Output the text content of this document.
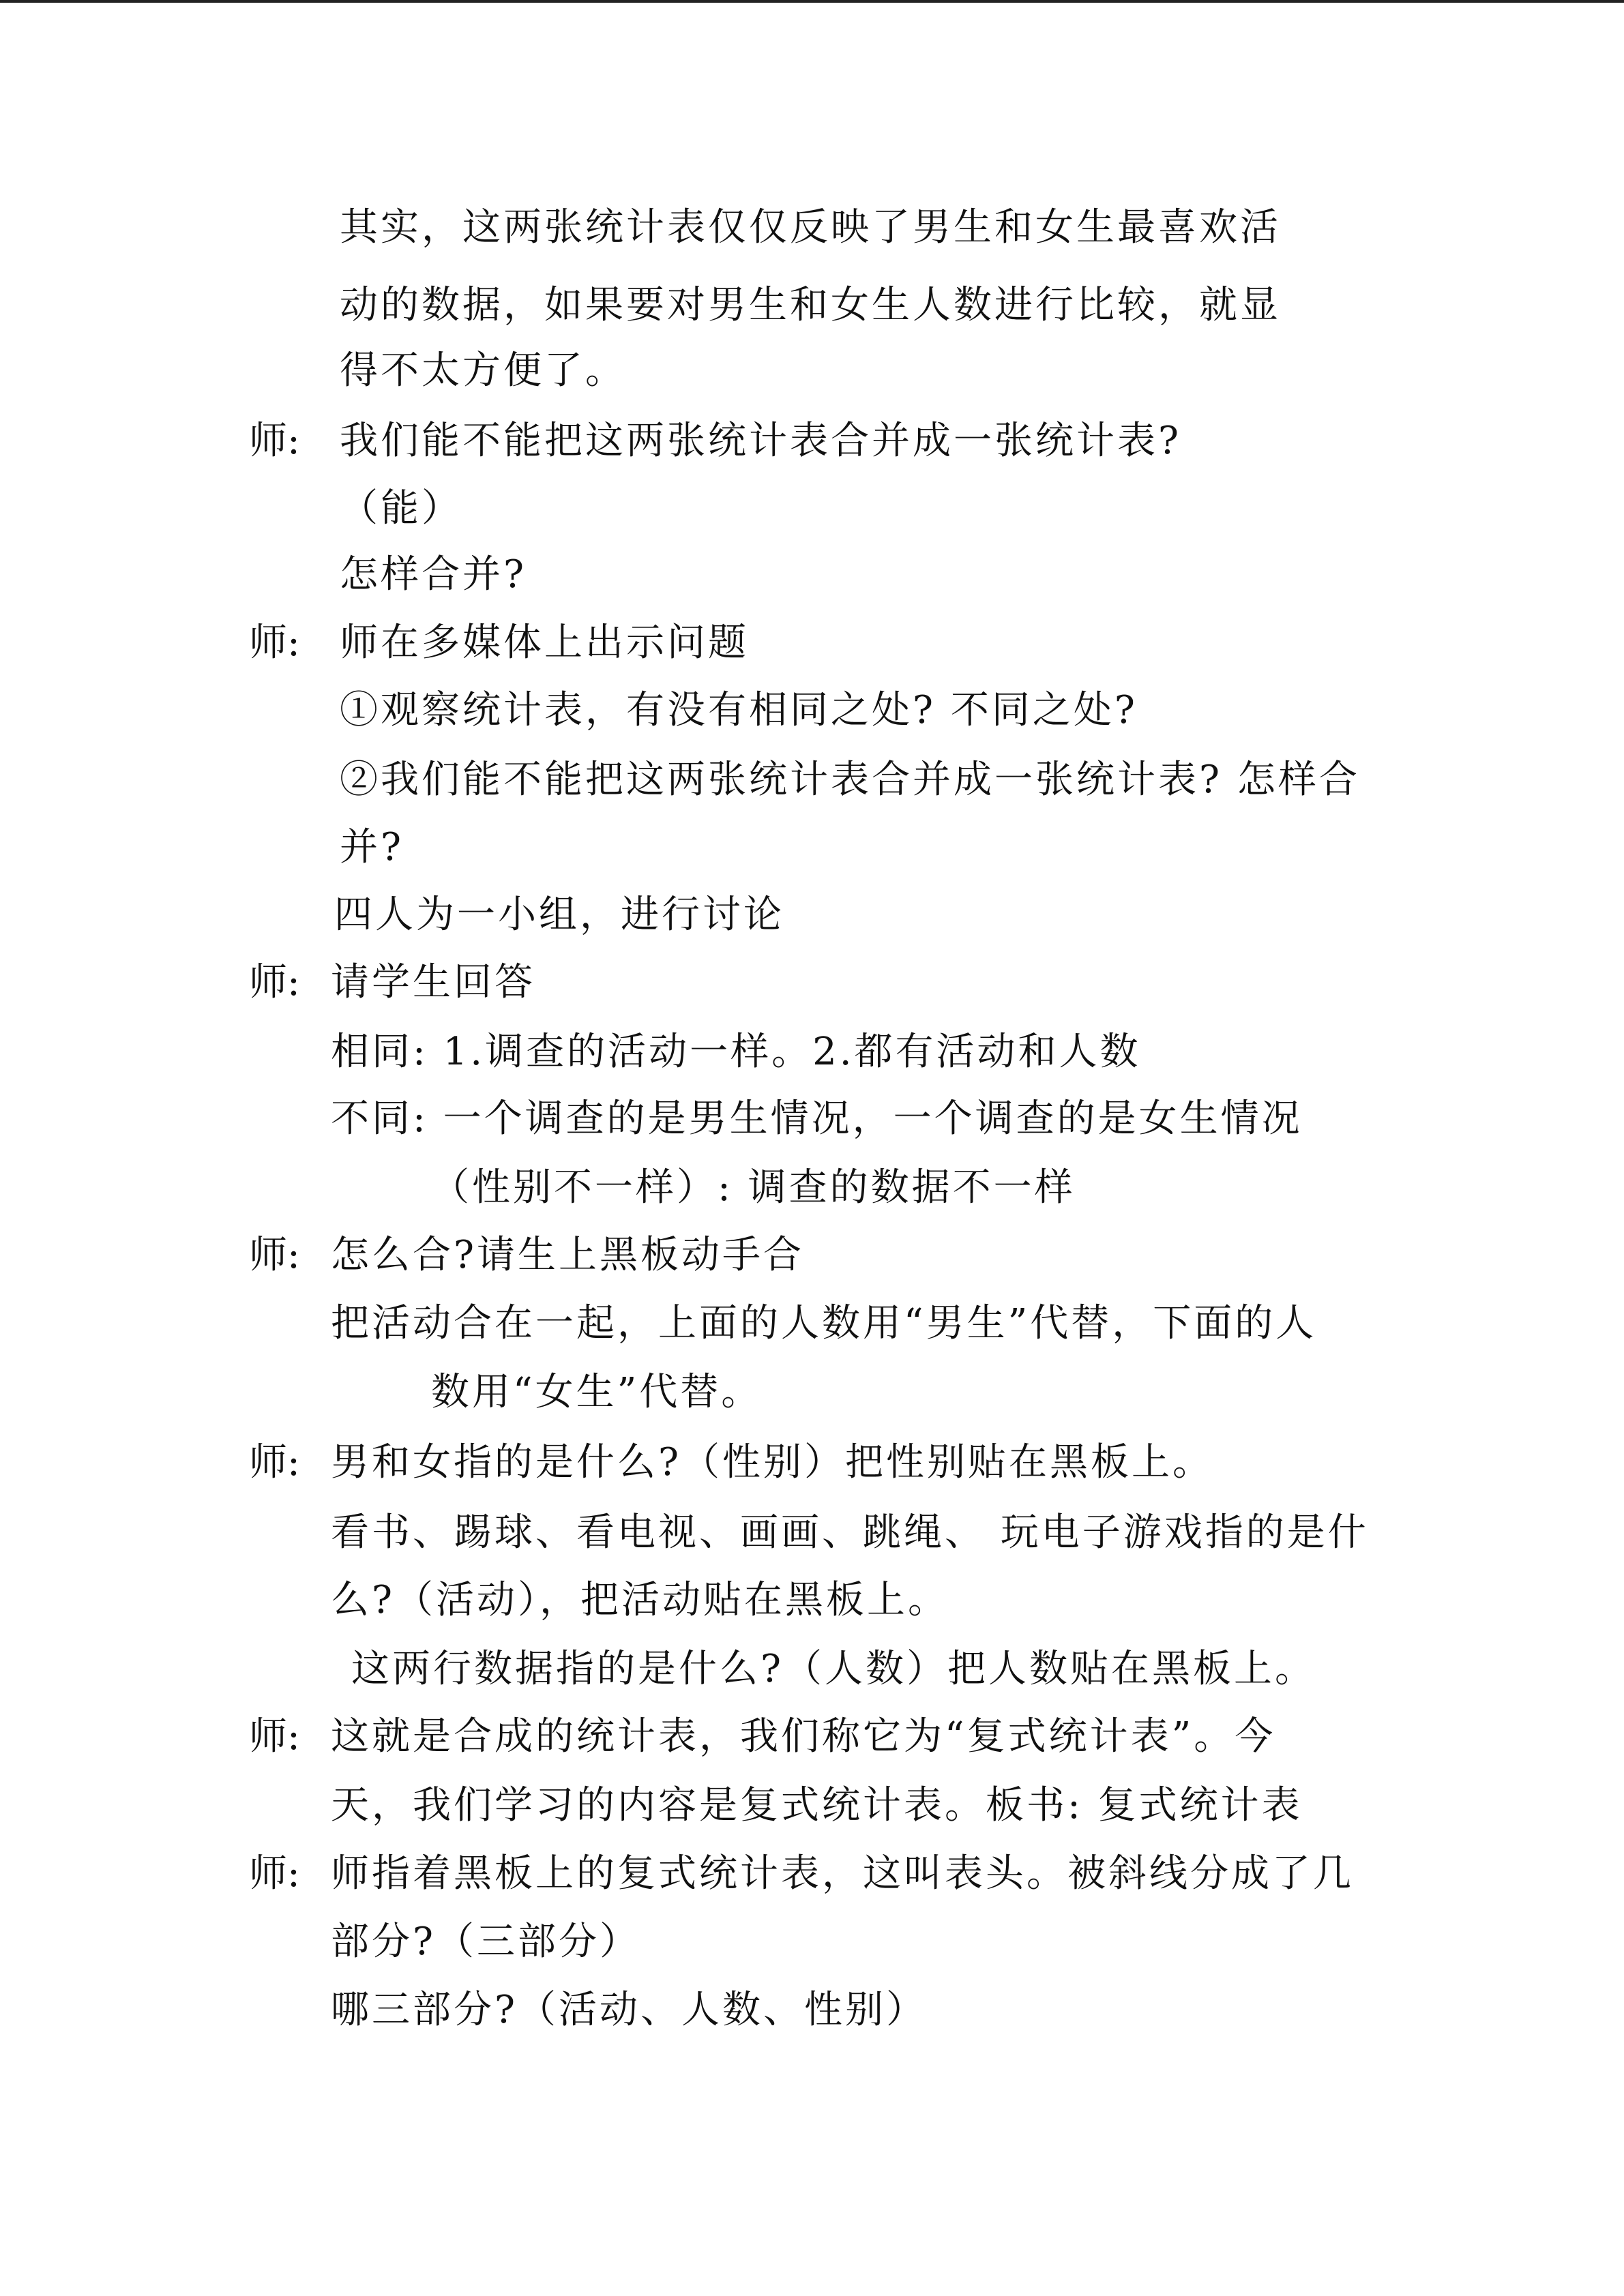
其实，这两张统计表仅仅反映了男生和女生最喜欢活
动的数据，如果要对男生和女生人数进行比较，就显
得不太方便了。
师: 我们能不能把这两张统计表合并成一张统计表?
（能）
怎样合并?
师: 师在多媒体上出示问题
①观察统计表，有没有相同之处? 不同之处?
②我们能不能把这两张统计表合并成一张统计表? 怎样合
并?
四人为一小组，进行讨论
师: 请学生回答
相同: 1.调查的活动一样。2.都有活动和人数
不同: 一个调查的是男生情况，一个调查的是女生情况
（性别不一样）: 调查的数据不一样
师: 怎么合?请生上黑板动手合
把活动合在一起，上面的人数用“男生”代替，下面的人
数用“女生”代替。
师: 男和女指的是什么?（性别）把性别贴在黑板上。
看书、踢球、看电视、画画、跳绳、 玩电子游戏指的是什
么?（活动），把活动贴在黑板上。
这两行数据指的是什么?（人数）把人数贴在黑板上。
师: 这就是合成的统计表，我们称它为“复式统计表”。今
天，我们学习的内容是复式统计表。板书: 复式统计表
师: 师指着黑板上的复式统计表，这叫表头。被斜线分成了几
部分?（三部分）
哪三部分?（活动、人数、性别）
